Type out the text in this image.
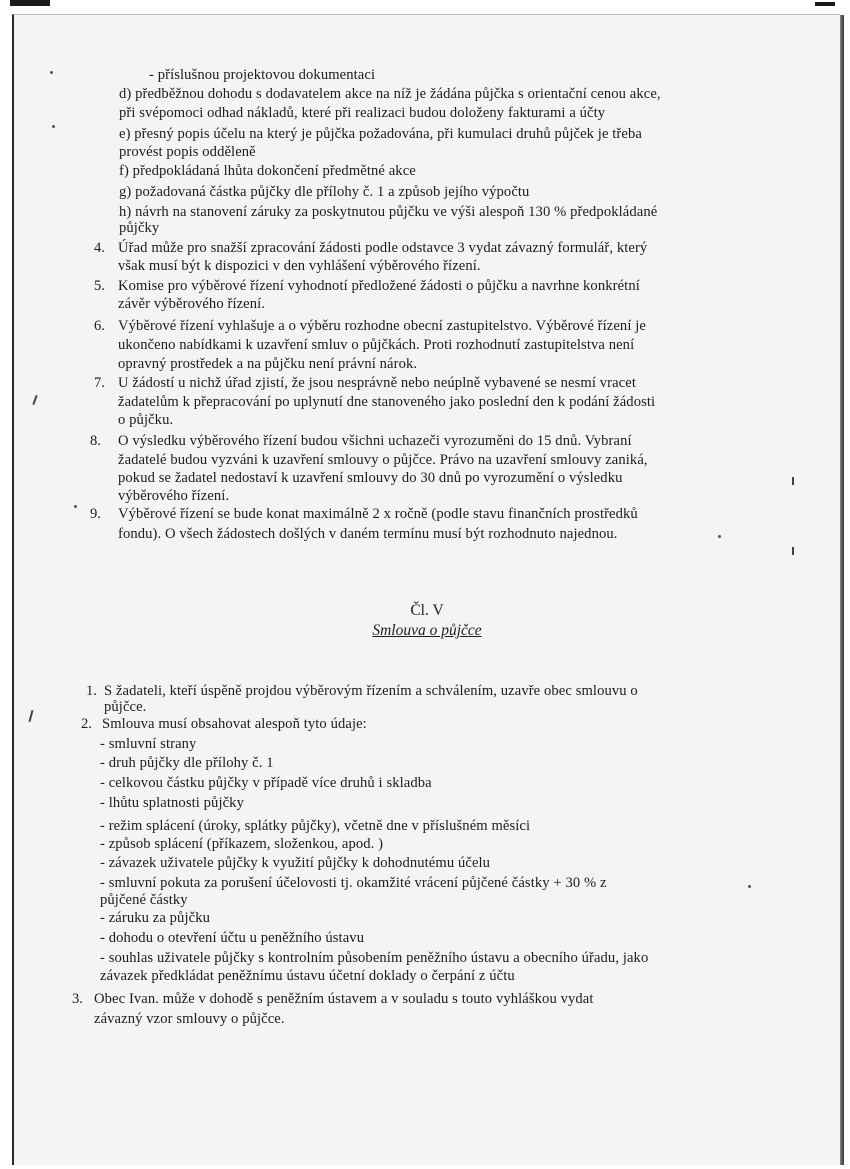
- příslušnou projektovou dokumentaci
d) předběžnou dohodu s dodavatelem akce na níž je žádána půjčka s orientační cenou akce,
při svépomoci odhad nákladů, které při realizaci budou doloženy fakturami a účty
e) přesný popis účelu na který je půjčka požadována, při kumulaci druhů půjček je třeba
provést popis odděleně
f) předpokládaná lhůta dokončení předmětné akce
g) požadovaná částka půjčky dle přílohy č. 1 a způsob jejího výpočtu
h) návrh na stanovení záruky za poskytnutou půjčku ve výši alespoň 130 % předpokládané
půjčky
4. Úřad může pro snažší zpracování žádosti podle odstavce 3 vydat závazný formulář, který
však musí být k dispozici v den vyhlášení výběrového řízení.
5. Komise pro výběrové řízení vyhodnotí předložené žádosti o půjčku a navrhne konkrétní
závěr výběrového řízení.
6. Výběrové řízení vyhlašuje a o výběru rozhodne obecní zastupitelstvo. Výběrové řízení je
ukončeno nabídkami k uzavření smluv o půjčkách. Proti rozhodnutí zastupitelstva není
opravný prostředek a na půjčku není právní nárok.
7. U žádostí u nichž úřad zjistí, že jsou nesprávně nebo neúplně vybavené se nesmí vracet
žadatelům k přepracování po uplynutí dne stanoveného jako poslední den k podání žádosti
o půjčku.
8. O výsledku výběrového řízení budou všichni uchazeči vyrozuměni do 15 dnů. Vybraní
žadatelé budou vyzváni k uzavření smlouvy o půjčce. Právo na uzavření smlouvy zaniká,
pokud se žadatel nedostaví k uzavření smlouvy do 30 dnů po vyrozumění o výsledku
výběrového řízení.
9. Výběrové řízení se bude konat maximálně 2 x ročně (podle stavu finančních prostředků
fondu). O všech žádostech došlých v daném termínu musí být rozhodnuto najednou.
Čl. V
Smlouva o půjčce
1. S žadateli, kteří úspěně projdou výběrovým řízením a schválením, uzavře obec smlouvu o
půjčce.
2. Smlouva musí obsahovat alespoň tyto údaje:
- smluvní strany
- druh půjčky dle přílohy č. 1
- celkovou částku půjčky v případě více druhů i skladba
- lhůtu splatnosti půjčky
- režim splácení (úroky, splátky půjčky), včetně dne v příslušném měsíci
- způsob splácení (příkazem, složenkou, apod. )
- závazek uživatele půjčky k využití půjčky k dohodnutému účelu
- smluvní pokuta za porušení účelovosti tj. okamžité vrácení půjčené částky + 30 % z
půjčené částky
- záruku za půjčku
- dohodu o otevření účtu u peněžního ústavu
- souhlas uživatele půjčky s kontrolním působením peněžního ústavu a obecního úřadu, jako
závazek předkládat peněžnímu ústavu účetní doklady o čerpání z účtu
3. Obec Ivan. může v dohodě s peněžním ústavem a v souladu s touto vyhláškou vydat
závazný vzor smlouvy o půjčce.
